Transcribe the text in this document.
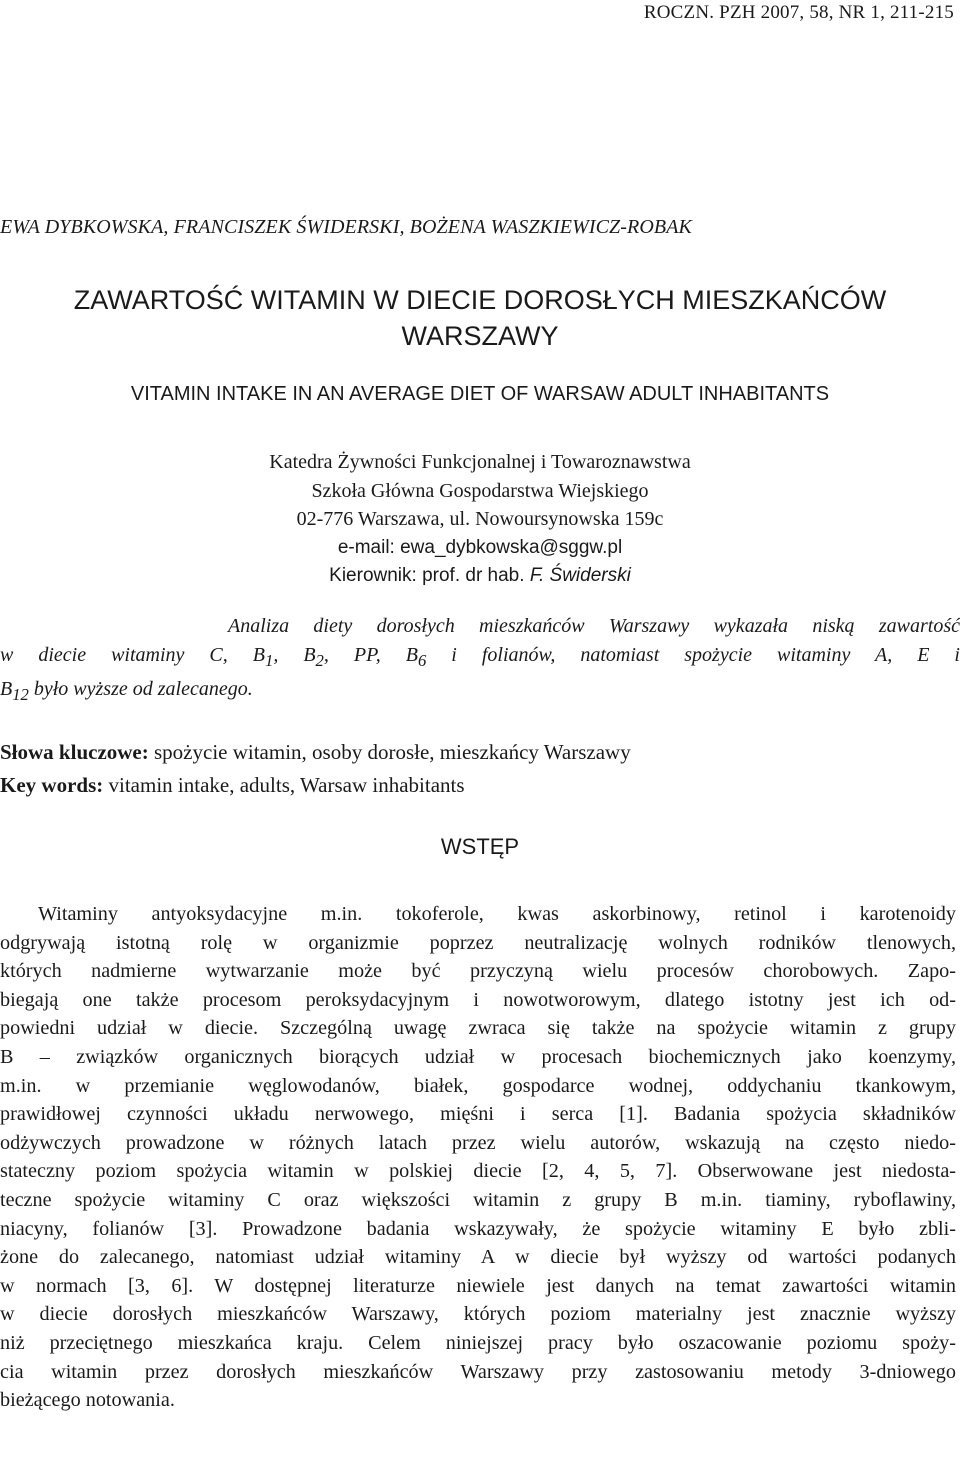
ROCZN. PZH 2007, 58, NR 1, 211-215
EWA DYBKOWSKA, FRANCISZEK ŚWIDERSKI, BOŻENA WASZKIEWICZ-ROBAK
ZAWARTOŚĆ WITAMIN W DIECIE DOROSŁYCH MIESZKAŃCÓW
WARSZAWY
VITAMIN INTAKE IN AN AVERAGE DIET OF WARSAW ADULT INHABITANTS
Katedra Żywności Funkcjonalnej i Towaroznawstwa
Szkoła Główna Gospodarstwa Wiejskiego
02-776 Warszawa, ul. Nowoursynowska 159c
e-mail: ewa_dybkowska@sggw.pl
Kierownik: prof. dr hab. F. Świderski
Analiza diety dorosłych mieszkańców Warszawy wykazała niską zawartość
w diecie witaminy C, $B_1$, $B_2$, PP, $B_6$ i folianów, natomiast spożycie witaminy A, E i
$B_{12}$ było wyższe od zalecanego.
Słowa kluczowe: spożycie witamin, osoby dorosłe, mieszkańcy Warszawy
Key words: vitamin intake, adults, Warsaw inhabitants
WSTĘP
Witaminy antyoksydacyjne m.in. tokoferole, kwas askorbinowy, retinol i karotenoidy
odgrywają istotną rolę w organizmie poprzez neutralizację wolnych rodników tlenowych,
których nadmierne wytwarzanie może być przyczyną wielu procesów chorobowych. Zapo-
biegają one także procesom peroksydacyjnym i nowotworowym, dlatego istotny jest ich od-
powiedni udział w diecie. Szczególną uwagę zwraca się także na spożycie witamin z grupy
B – związków organicznych biorących udział w procesach biochemicznych jako koenzymy,
m.in. w przemianie węglowodanów, białek, gospodarce wodnej, oddychaniu tkankowym,
prawidłowej czynności układu nerwowego, mięśni i serca [1]. Badania spożycia składników
odżywczych prowadzone w różnych latach przez wielu autorów, wskazują na często niedo-
stateczny poziom spożycia witamin w polskiej diecie [2, 4, 5, 7]. Obserwowane jest niedosta-
teczne spożycie witaminy C oraz większości witamin z grupy B m.in. tiaminy, ryboflawiny,
niacyny, folianów [3]. Prowadzone badania wskazywały, że spożycie witaminy E było zbli-
żone do zalecanego, natomiast udział witaminy A w diecie był wyższy od wartości podanych
w normach [3, 6]. W dostępnej literaturze niewiele jest danych na temat zawartości witamin
w diecie dorosłych mieszkańców Warszawy, których poziom materialny jest znacznie wyższy
niż przeciętnego mieszkańca kraju. Celem niniejszej pracy było oszacowanie poziomu spoży-
cia witamin przez dorosłych mieszkańców Warszawy przy zastosowaniu metody 3-dniowego
bieżącego notowania.
